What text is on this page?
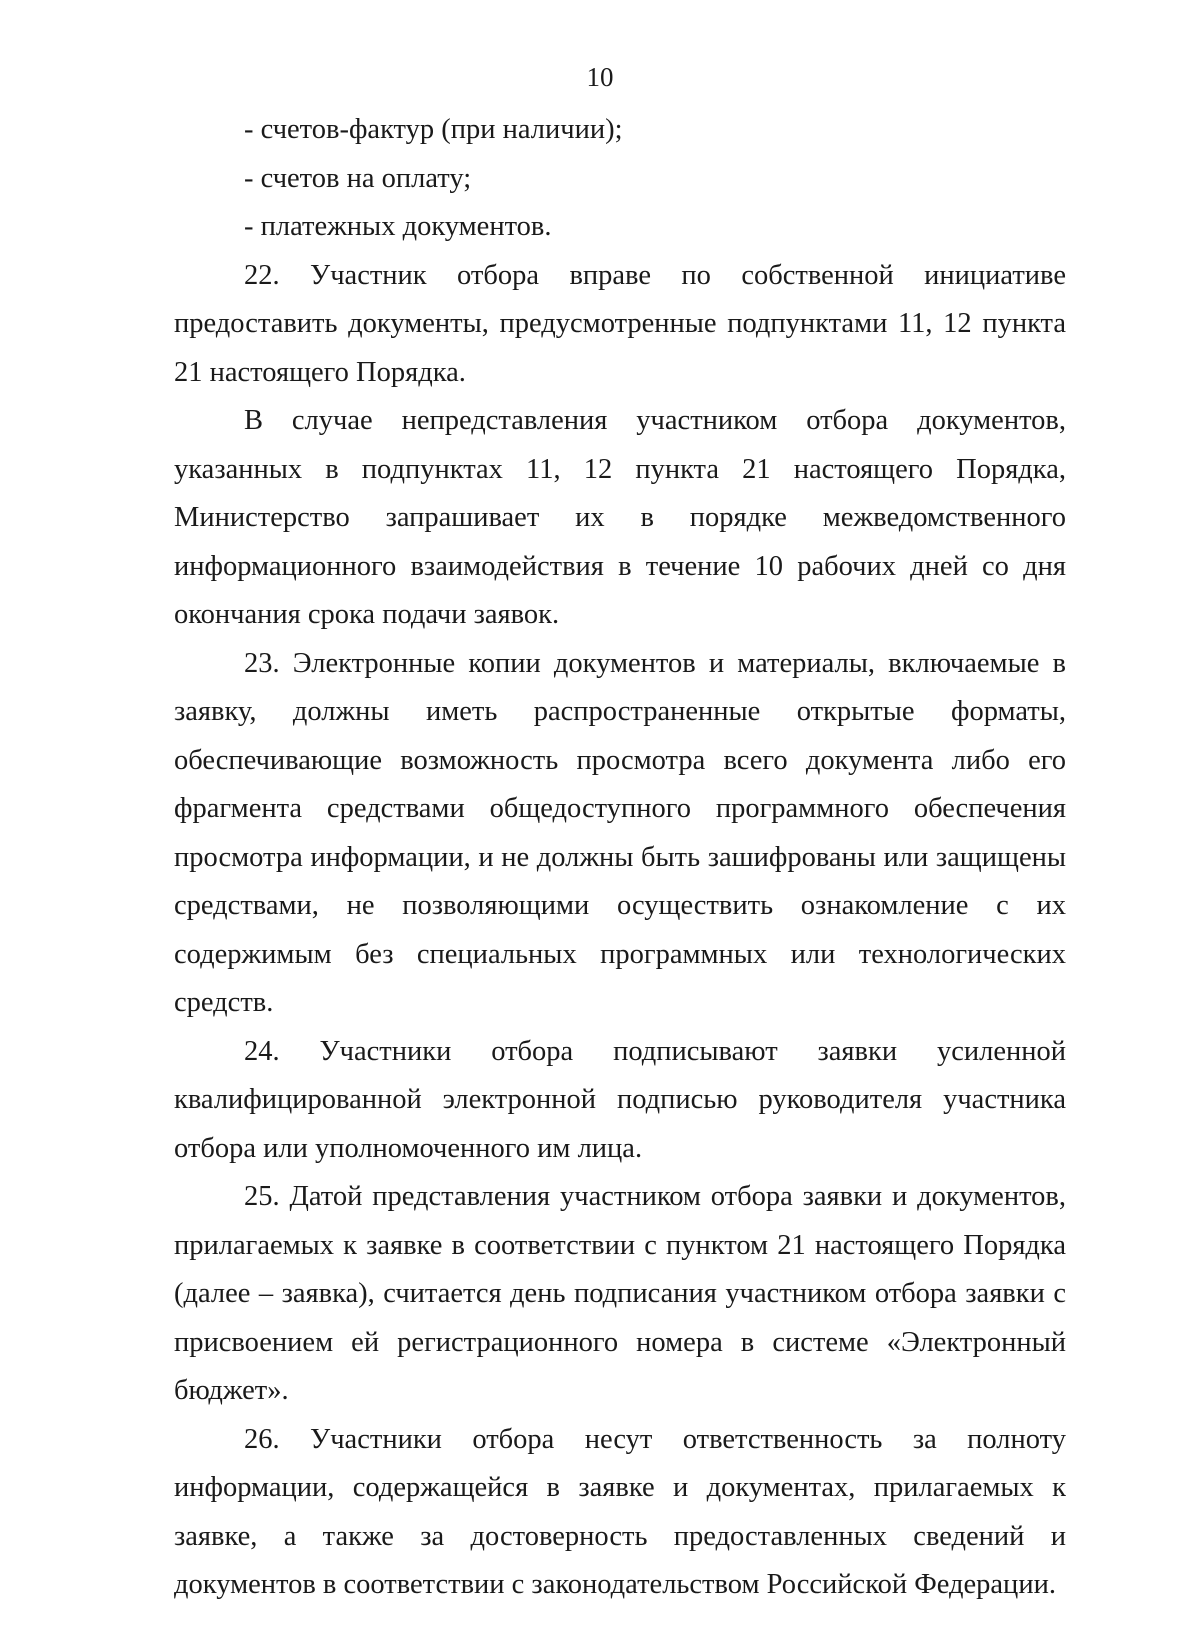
10

- счетов-фактур (при наличии);

- счетов на оплату;

- платежных документов.

22. Участник отбора вправе по собственной инициативе предоставить документы, предусмотренные подпунктами 11, 12 пункта 21 настоящего Порядка.

В случае непредставления участником отбора документов, указанных в подпунктах 11, 12 пункта 21 настоящего Порядка, Министерство запрашивает их в порядке межведомственного информационного взаимодействия в течение 10 рабочих дней со дня окончания срока подачи заявок.

23. Электронные копии документов и материалы, включаемые в заявку, должны иметь распространенные открытые форматы, обеспечивающие возможность просмотра всего документа либо его фрагмента средствами общедоступного программного обеспечения просмотра информации, и не должны быть зашифрованы или защищены средствами, не позволяющими осуществить ознакомление с их содержимым без специальных программных или технологических средств.

24. Участники отбора подписывают заявки усиленной квалифицированной электронной подписью руководителя участника отбора или уполномоченного им лица.

25. Датой представления участником отбора заявки и документов, прилагаемых к заявке в соответствии с пунктом 21 настоящего Порядка (далее – заявка), считается день подписания участником отбора заявки с присвоением ей регистрационного номера в системе «Электронный бюджет».

26. Участники отбора несут ответственность за полноту информации, содержащейся в заявке и документах, прилагаемых к заявке, а также за достоверность предоставленных сведений и документов в соответствии с законодательством Российской Федерации.
